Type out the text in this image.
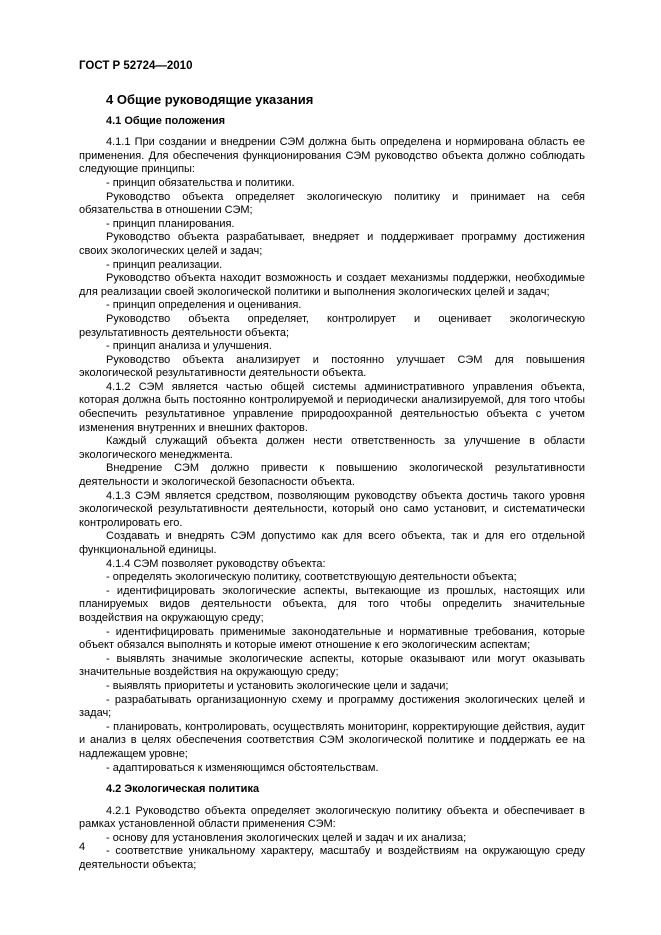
ГОСТ Р 52724—2010
4 Общие руководящие указания
4.1 Общие положения

4.1.1 При создании и внедрении СЭМ должна быть определена и нормирована область ее применения. Для обеспечения функционирования СЭМ руководство объекта должно соблюдать следующие принципы:

- принцип обязательства и политики.

Руководство объекта определяет экологическую политику и принимает на себя обязательства в отношении СЭМ;

- принцип планирования.

Руководство объекта разрабатывает, внедряет и поддерживает программу достижения своих экологических целей и задач;

- принцип реализации.

Руководство объекта находит возможность и создает механизмы поддержки, необходимые для реализации своей экологической политики и выполнения экологических целей и задач;

- принцип определения и оценивания.

Руководство объекта определяет, контролирует и оценивает экологическую результативность деятельности объекта;

- принцип анализа и улучшения.

Руководство объекта анализирует и постоянно улучшает СЭМ для повышения экологической результативности деятельности объекта.

4.1.2 СЭМ является частью общей системы административного управления объекта, которая должна быть постоянно контролируемой и периодически анализируемой, для того чтобы обеспечить результативное управление природоохранной деятельностью объекта с учетом изменения внутренних и внешних факторов.

Каждый служащий объекта должен нести ответственность за улучшение в области экологического менеджмента.

Внедрение СЭМ должно привести к повышению экологической результативности деятельности и экологической безопасности объекта.

4.1.3 СЭМ является средством, позволяющим руководству объекта достичь такого уровня экологической результативности деятельности, который оно само установит, и систематически контролировать его.

Создавать и внедрять СЭМ допустимо как для всего объекта, так и для его отдельной функциональной единицы.

4.1.4 СЭМ позволяет руководству объекта:

- определять экологическую политику, соответствующую деятельности объекта;

- идентифицировать экологические аспекты, вытекающие из прошлых, настоящих или планируемых видов деятельности объекта, для того чтобы определить значительные воздействия на окружающую среду;

- идентифицировать применимые законодательные и нормативные требования, которые объект обязался выполнять и которые имеют отношение к его экологическим аспектам;

- выявлять значимые экологические аспекты, которые оказывают или могут оказывать значительные воздействия на окружающую среду;

- выявлять приоритеты и установить экологические цели и задачи;

- разрабатывать организационную схему и программу достижения экологических целей и задач;

- планировать, контролировать, осуществлять мониторинг, корректирующие действия, аудит и анализ в целях обеспечения соответствия СЭМ экологической политике и поддержать ее на надлежащем уровне;

- адаптироваться к изменяющимся обстоятельствам.

4.2 Экологическая политика

4.2.1 Руководство объекта определяет экологическую политику объекта и обеспечивает в рамках установленной области применения СЭМ:

- основу для установления экологических целей и задач и их анализа;

- соответствие уникальному характеру, масштабу и воздействиям на окружающую среду деятельности объекта;

4
